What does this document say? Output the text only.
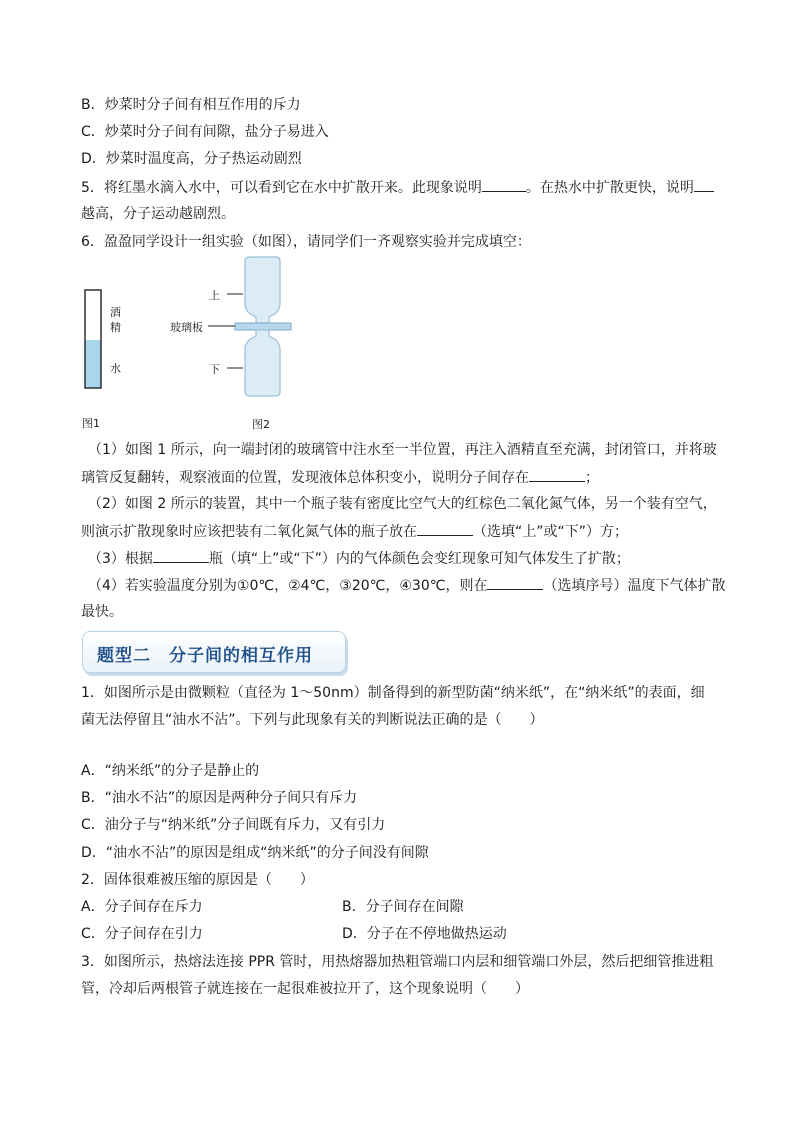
B．炒菜时分子间有相互作用的斥力
C．炒菜时分子间有间隙，盐分子易进入
D．炒菜时温度高，分子热运动剧烈
5．将红墨水滴入水中，可以看到它在水中扩散开来。此现象说明	。在热水中扩散更快，说明
越高，分子运动越剧烈。
6．盈盈同学设计一组实验（如图），请同学们一齐观察实验并完成填空：
酒
精
水
图1
上
玻璃板
下
图2
（1）如图 1 所示，向一端封闭的玻璃管中注水至一半位置，再注入酒精直至充满，封闭管口，并将玻
璃管反复翻转，观察液面的位置，发现液体总体积变小，说明分子间存在	；
（2）如图 2 所示的装置，其中一个瓶子装有密度比空气大的红棕色二氧化氮气体，另一个装有空气，
则演示扩散现象时应该把装有二氧化氮气体的瓶子放在	（选填“上”或“下”）方；
（3）根据	瓶（填“上”或“下”）内的气体颜色会变红现象可知气体发生了扩散；
（4）若实验温度分别为①0℃，②4℃，③20℃，④30℃，则在	（选填序号）温度下气体扩散
最快。
题型二 分子间的相互作用
1．如图所示是由微颗粒（直径为 1～50nm）制备得到的新型防菌“纳米纸”，在“纳米纸”的表面，细
菌无法停留且“油水不沾”。下列与此现象有关的判断说法正确的是（　　）
A．“纳米纸”的分子是静止的
B．“油水不沾”的原因是两种分子间只有斥力
C．油分子与“纳米纸”分子间既有斥力，又有引力
D．“油水不沾”的原因是组成“纳米纸”的分子间没有间隙
2．固体很难被压缩的原因是（　　）
A．分子间存在斥力	B．分子间存在间隙
C．分子间存在引力	D．分子在不停地做热运动
3．如图所示，热熔法连接 PPR 管时，用热熔器加热粗管端口内层和细管端口外层，然后把细管推进粗
管，冷却后两根管子就连接在一起很难被拉开了，这个现象说明（　　）
